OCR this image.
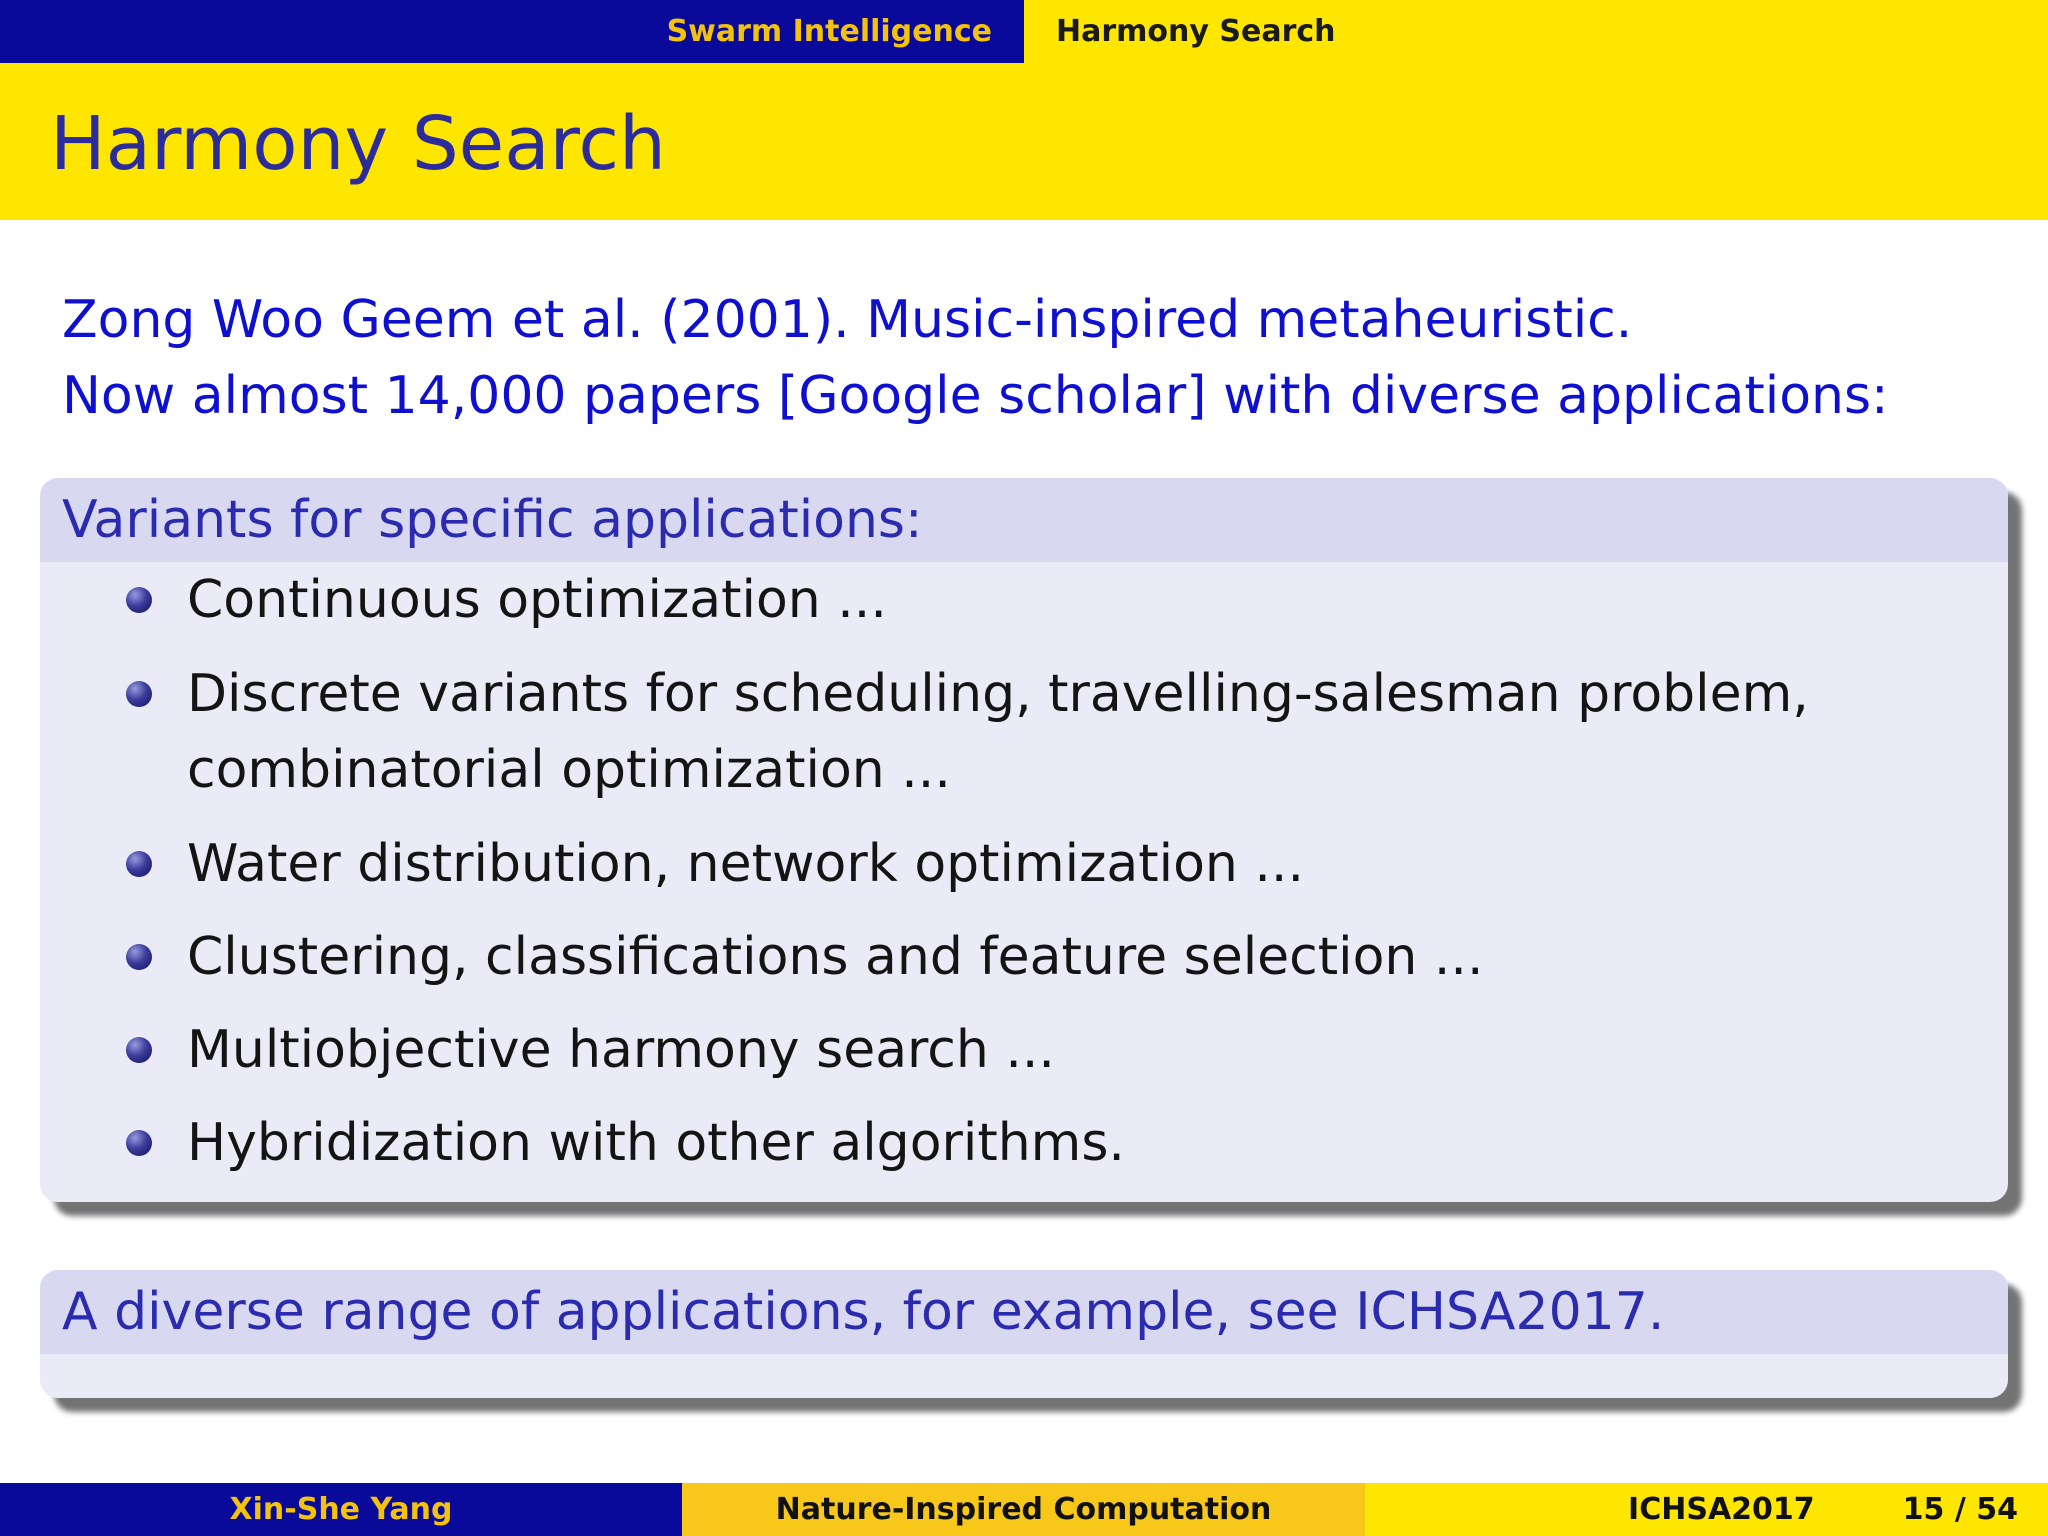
Swarm Intelligence Harmony Search
Harmony Search
Zong Woo Geem et al. (2001). Music-inspired metaheuristic.
Now almost 14,000 papers [Google scholar] with diverse applications:
Variants for specific applications:
Continuous optimization ...
Discrete variants for scheduling, travelling-salesman problem, combinatorial optimization ...
Water distribution, network optimization ...
Clustering, classifications and feature selection ...
Multiobjective harmony search ...
Hybridization with other algorithms.
A diverse range of applications, for example, see ICHSA2017.
Xin-She Yang	Nature-Inspired Computation	ICHSA2017	15 / 54
